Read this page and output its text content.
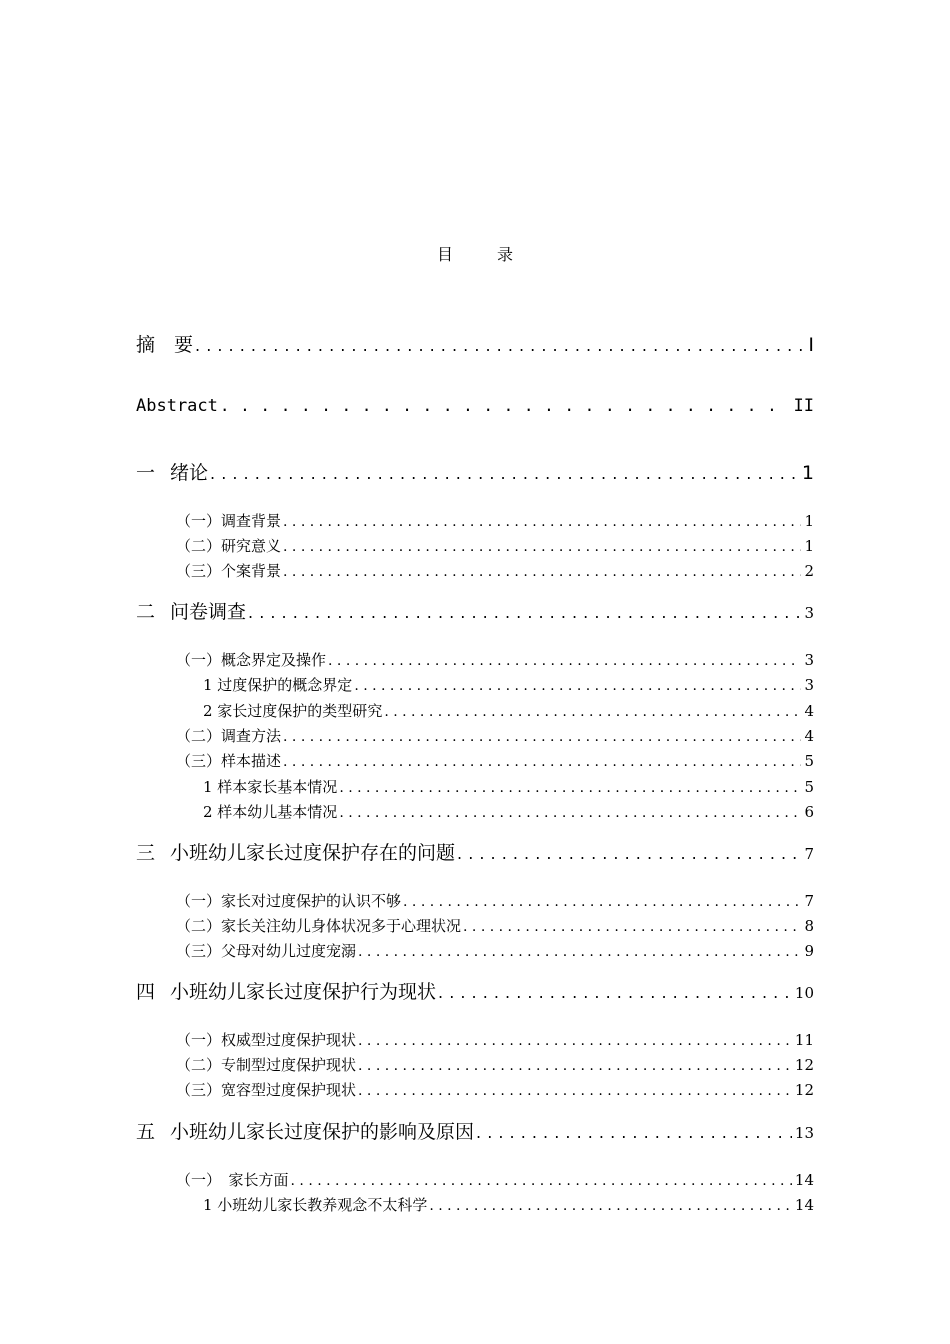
目　录
摘　要 . . .	I
Abstract . . .	II
一 绪论 . . .	1
（一）调查背景 . . .	1
（二）研究意义 . . .	1
（三）个案背景 . . .	2
二 问卷调查 . . .	3
（一）概念界定及操作 . . .	3
1 过度保护的概念界定 . . .	3
2 家长过度保护的类型研究 . . .	4
（二）调查方法 . . .	4
（三）样本描述 . . .	5
1 样本家长基本情况 . . .	5
2 样本幼儿基本情况 . . .	6
三 小班幼儿家长过度保护存在的问题 . . .	7
（一）家长对过度保护的认识不够 . . .	7
（二）家长关注幼儿身体状况多于心理状况 . . .	8
（三）父母对幼儿过度宠溺 . . .	9
四 小班幼儿家长过度保护行为现状 . . .	10
（一）权威型过度保护现状 . . .	11
（二）专制型过度保护现状 . . .	12
（三）宽容型过度保护现状 . . .	12
五 小班幼儿家长过度保护的影响及原因 . . .	13
（一）　家长方面 . . .	14
1 小班幼儿家长教养观念不太科学 . . .	14
